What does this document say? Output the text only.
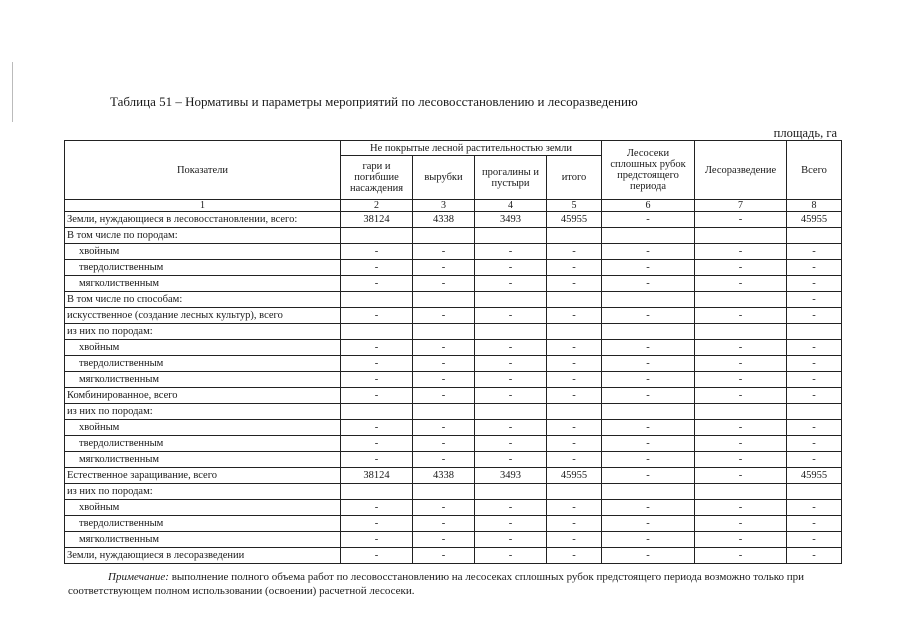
Таблица 51 – Нормативы и параметры мероприятий по лесовосстановлению и лесоразведению
площадь, га
Показатели	Не покрытые лесной растительностью земли				Лесосеки сплошных рубок предстоящего периода	Лесоразведение	Всего
	гари и погибшие насаждения	вырубки	прогалины и пустыри	итого			
1	2	3	4	5	6	7	8
Земли, нуждающиеся в лесовосстановлении, всего:	38124	4338	3493	45955	-	-	45955
В том числе по породам:							
хвойным	-	-	-	-	-	-	-
твердолиственным	-	-	-	-	-	-	-
мягколиственным	-	-	-	-	-	-	-
В том числе по способам:							-
искусственное (создание лесных культур), всего	-	-	-	-	-	-	-
из них по породам:							
хвойным	-	-	-	-	-	-	-
твердолиственным	-	-	-	-	-	-	-
мягколиственным	-	-	-	-	-	-	-
Комбинированное, всего	-	-	-	-	-	-	-
из них по породам:							
хвойным	-	-	-	-	-	-	-
твердолиственным	-	-	-	-	-	-	-
мягколиственным	-	-	-	-	-	-	-
Естественное заращивание, всего	38124	4338	3493	45955	-	-	45955
из них по породам:							
хвойным	-	-	-	-	-	-	-
твердолиственным	-	-	-	-	-	-	-
мягколиственным	-	-	-	-	-	-	-
Земли, нуждающиеся в лесоразведении	-	-	-	-	-	-	-
Примечание: выполнение полного объема работ по лесовосстановлению на лесосеках сплошных рубок предстоящего периода возможно только при соответствующем полном использовании (освоении) расчетной лесосеки.
